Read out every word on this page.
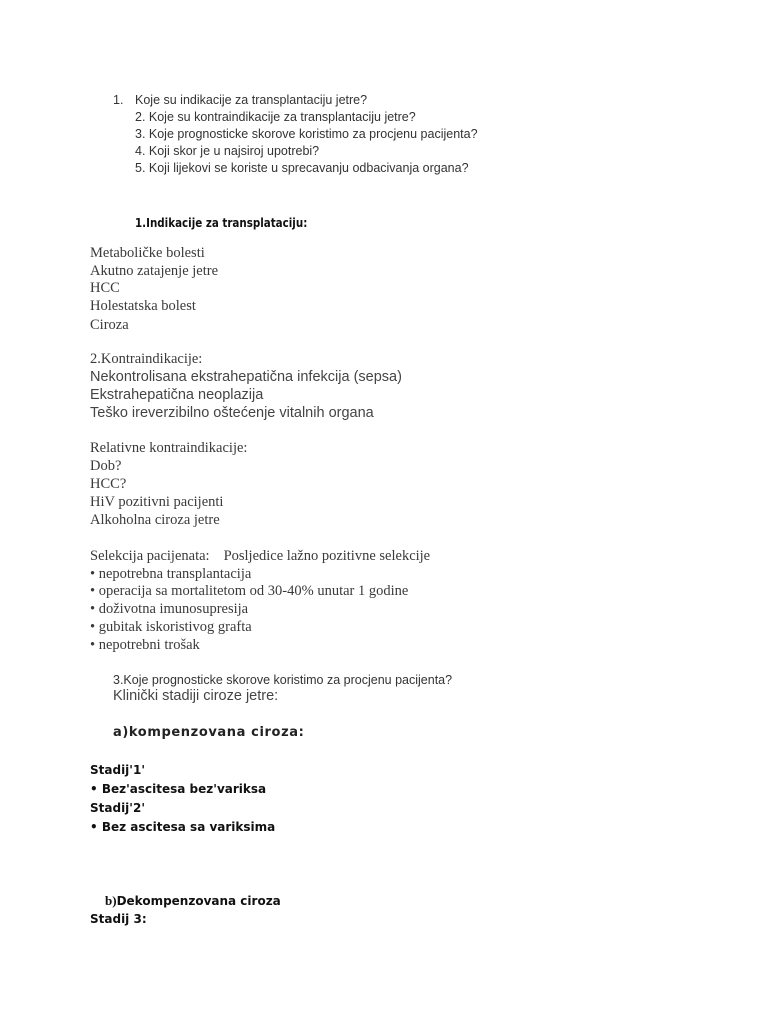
1. Koje su indikacije za transplantaciju jetre?
2. Koje su kontraindikacije za transplantaciju jetre?
3. Koje prognosticke skorove koristimo za procjenu pacijenta?
4. Koji skor je u najsiroj upotrebi?
5. Koji lijekovi se koriste u sprecavanju odbacivanja organa?
1.Indikacije za transplataciju:
Metaboličke bolesti
Akutno zatajenje jetre
HCC
Holestatska bolest
Ciroza
2.Kontraindikacije:
Nekontrolisana ekstrahepatična infekcija (sepsa)
Ekstrahepatična neoplazija
Teško ireverzibilno oštećenje vitalnih organa
Relativne kontraindikacije:
Dob?
HCC?
HiV pozitivni pacijenti
Alkoholna ciroza jetre
Selekcija pacijenata: Posljedice lažno pozitivne selekcije
• nepotrebna transplantacija
• operacija sa mortalitetom od 30-40% unutar 1 godine
• doživotna imunosupresija
• gubitak iskoristivog grafta
• nepotrebni trošak
3.Koje prognosticke skorove koristimo za procjenu pacijenta?
Klinički stadiji ciroze jetre:
a)kompenzovana ciroza:
Stadij'1'
• Bez'ascitesa bez'variksa
Stadij'2'
• Bez ascitesa sa variksima
b)Dekompenzovana ciroza
Stadij 3:
